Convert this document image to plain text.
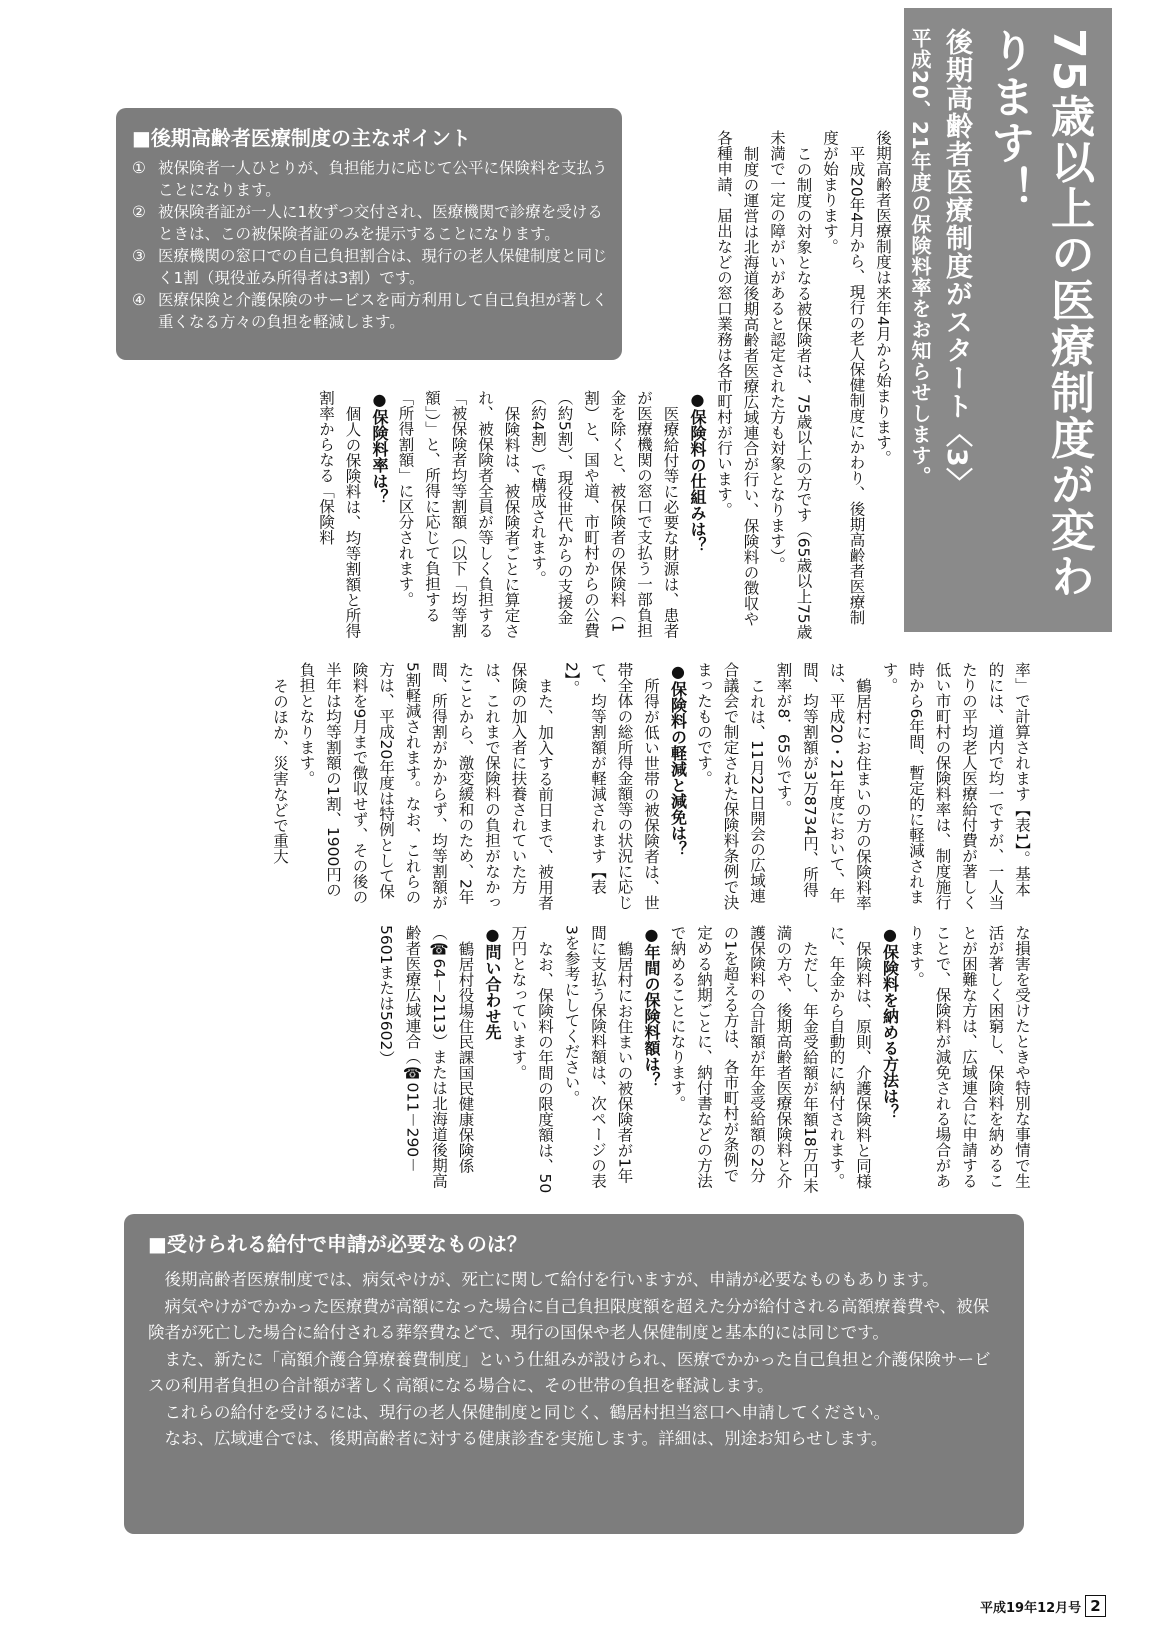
75歳以上の医療制度が変わります！
後期高齢者医療制度がスタート〈3〉
平成20、21年度の保険料率をお知らせします。

後期高齢者医療制度は来年4月から始まります。

平成20年4月から、現行の老人保健制度にかわり、後期高齢者医療制度が始まります。

この制度の対象となる被保険者は、75歳以上の方です（65歳以上75歳未満で一定の障がいがあると認定された方も対象となります）。

制度の運営は北海道後期高齢者医療広域連合が行い、保険料の徴収や各種申請、届出などの窓口業務は各市町村が行います。

■後期高齢者医療制度の主なポイント
① 被保険者一人ひとりが、負担能力に応じて公平に保険料を支払うことになります。
② 被保険者証が一人に1枚ずつ交付され、医療機関で診療を受けるときは、この被保険者証のみを提示することになります。
③ 医療機関の窓口での自己負担割合は、現行の老人保健制度と同じく1割（現役並み所得者は3割）です。
④ 医療保険と介護保険のサービスを両方利用して自己負担が著しく重くなる方々の負担を軽減します。
●保険料の仕組みは？

医療給付等に必要な財源は、患者が医療機関の窓口で支払う一部負担金を除くと、被保険者の保険料（1割）と、国や道、市町村からの公費（約5割）、現役世代からの支援金（約4割）で構成されます。

保険料は、被保険者ごとに算定され、被保険者全員が等しく負担する「被保険者均等割額（以下「均等割額」）」と、所得に応じて負担する「所得割額」に区分されます。

●保険料率は？

個人の保険料は、均等割額と所得割率からなる「保険料

率」で計算されます【表1】。基本的には、道内で均一ですが、一人当たりの平均老人医療給付費が著しく低い市町村の保険料率は、制度施行時から6年間、暫定的に軽減されます。

鶴居村にお住まいの方の保険料率は、平成20・21年度において、年間、均等割額が3万8734円、所得割率が8．65％です。

これは、11月22日開会の広域連合議会で制定された保険料条例で決まったものです。

●保険料の軽減と減免は？

所得が低い世帯の被保険者は、世帯全体の総所得金額等の状況に応じて、均等割額が軽減されます【表2】。

また、加入する前日まで、被用者保険の加入者に扶養されていた方は、これまで保険料の負担がなかったことから、激変緩和のため、2年間、所得割がかからず、均等割額が5割軽減されます。なお、これらの方は、平成20年度は特例として保険料を9月まで徴収せず、その後の半年は均等割額の1割、1900円の負担となります。

そのほか、災害などで重大

な損害を受けたときや特別な事情で生活が著しく困窮し、保険料を納めることが困難な方は、広域連合に申請することで、保険料が減免される場合があります。

●保険料を納める方法は？

保険料は、原則、介護保険料と同様に、年金から自動的に納付されます。

ただし、年金受給額が年額18万円未満の方や、後期高齢者医療保険料と介護保険料の合計額が年金受給額の2分の1を超える方は、各市町村が条例で定める納期ごとに、納付書などの方法で納めることになります。

●年間の保険料額は？

鶴居村にお住まいの被保険者が1年間に支払う保険料額は、次ページの表3を参考にしてください。

なお、保険料の年間の限度額は、50万円となっています。

●問い合わせ先

鶴居村役場住民課国民健康保険係（☎64－2113）または北海道後期高齢者医療広域連合（☎011－290－5601または5602）

■受けられる給付で申請が必要なものは？

後期高齢者医療制度では、病気やけが、死亡に関して給付を行いますが、申請が必要なものもあります。

病気やけがでかかった医療費が高額になった場合に自己負担限度額を超えた分が給付される高額療養費や、被保険者が死亡した場合に給付される葬祭費などで、現行の国保や老人保健制度と基本的には同じです。

また、新たに「高額介護合算療養費制度」という仕組みが設けられ、医療でかかった自己負担と介護保険サービスの利用者負担の合計額が著しく高額になる場合に、その世帯の負担を軽減します。

これらの給付を受けるには、現行の老人保健制度と同じく、鶴居村担当窓口へ申請してください。

なお、広域連合では、後期高齢者に対する健康診査を実施します。詳細は、別途お知らせします。

平成19年12月号 2
